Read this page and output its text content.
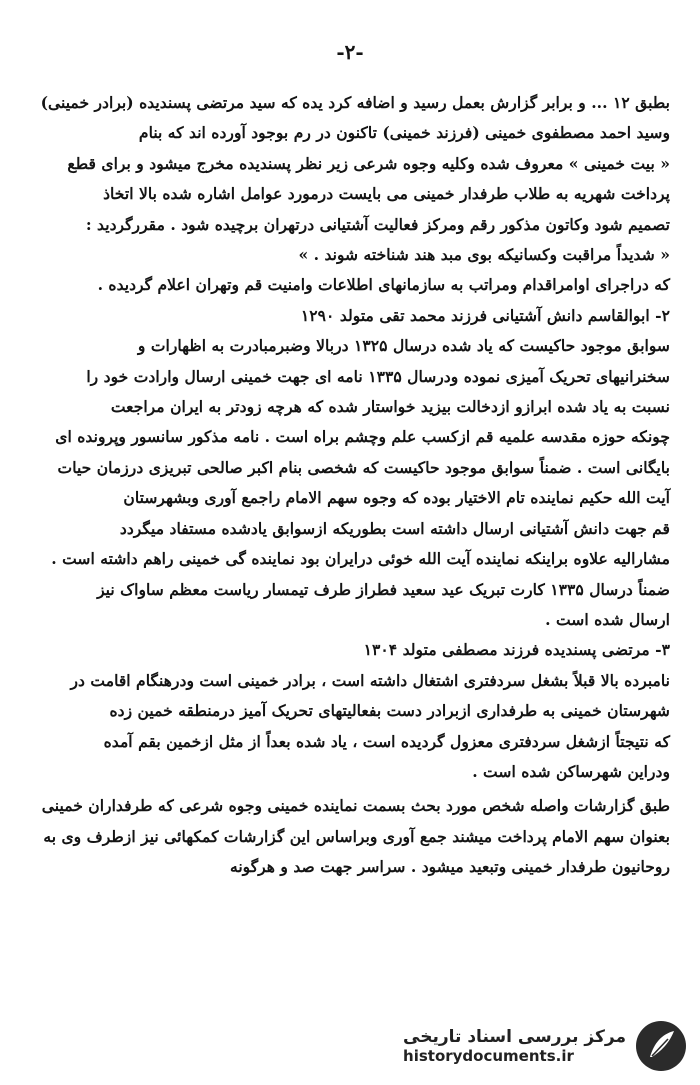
-۲-

بطبق ۱۲ ... و برابر گزارش بعمل رسید و اضافه کرد یده که سید مرتضی پسندیده (برادر خمینی)

وسید احمد مصطفوی خمینی (فرزند خمینی) تاکنون در رم بوجود آورده اند که بنام

« بیت خمینی » معروف شده وکلیه وجوه شرعی زیر نظر پسندیده مخرج میشود و برای قطع

پرداخت شهریه به طلاب طرفدار خمینی می بایست درمورد عوامل اشاره شده بالا اتخاذ

تصمیم شود وکاتون مذکور رقم ومرکز فعالیت آشتیانی درتهران برچیده شود . مقررگردید :

« شدیداً مراقبت وکسانیکه بوی مبد هند شناخته شوند . »

که دراجرای اوامراقدام ومراتب به سازمانهای اطلاعات وامنیت قم وتهران اعلام گردیده .

۲- ابوالقاسم دانش آشتیانی فرزند محمد تقی متولد ۱۲۹۰

سوابق موجود حاکیست که یاد شده درسال ۱۳۲۵ دربالا وضبرمبادرت به اظهارات و

سخنرانیهای تحریک آمیزی نموده ودرسال ۱۳۳۵ نامه ای جهت خمینی ارسال وارادت خود را

نسبت به یاد شده ابرازو ازدخالت بیزید خواستار شده که هرچه زودتر به ایران مراجعت

چونکه حوزه مقدسه علمیه قم ازکسب علم وچشم براه است . نامه مذکور سانسور وپرونده ای

بایگانی است . ضمناً سوابق موجود حاکیست که شخصی بنام اکبر صالحی تبریزی درزمان حیات

آیت الله حکیم نماینده تام الاختیار بوده که وجوه سهم الامام راجمع آوری وبشهرستان

قم جهت دانش آشتیانی ارسال داشته است بطوریکه ازسوابق یادشده مستفاد میگردد

مشارالیه علاوه براینکه نماینده آیت الله خوئی درایران بود نماینده گی خمینی راهم داشته است .

ضمناً درسال ۱۳۳۵ کارت تبریک عید سعید فطراز طرف تیمسار ریاست معظم ساواک نیز

ارسال شده است .

۳- مرتضی پسندیده فرزند مصطفی متولد ۱۳۰۴

نامبرده بالا قبلاً بشغل سردفتری اشتغال داشته است ، برادر خمینی است ودرهنگام اقامت در

شهرستان خمینی به طرفداری ازبرادر دست بفعالیتهای تحریک آمیز درمنطقه خمین زده

که نتیجتاً ازشغل سردفتری معزول گردیده است ، یاد شده بعداً از مثل ازخمین بقم آمده

ودراین شهرساکن شده است .

طبق گزارشات واصله شخص مورد بحث بسمت نماینده خمینی وجوه شرعی که طرفداران خمینی

بعنوان سهم الامام پرداخت میشند جمع آوری وبراساس این گزارشات کمکهائی نیز ازطرف وی به

روحانیون طرفدار خمینی وتبعید میشود . سراسر جهت صد و هرگونه

مرکز بررسی اسناد تاریخی
historydocuments.ir
